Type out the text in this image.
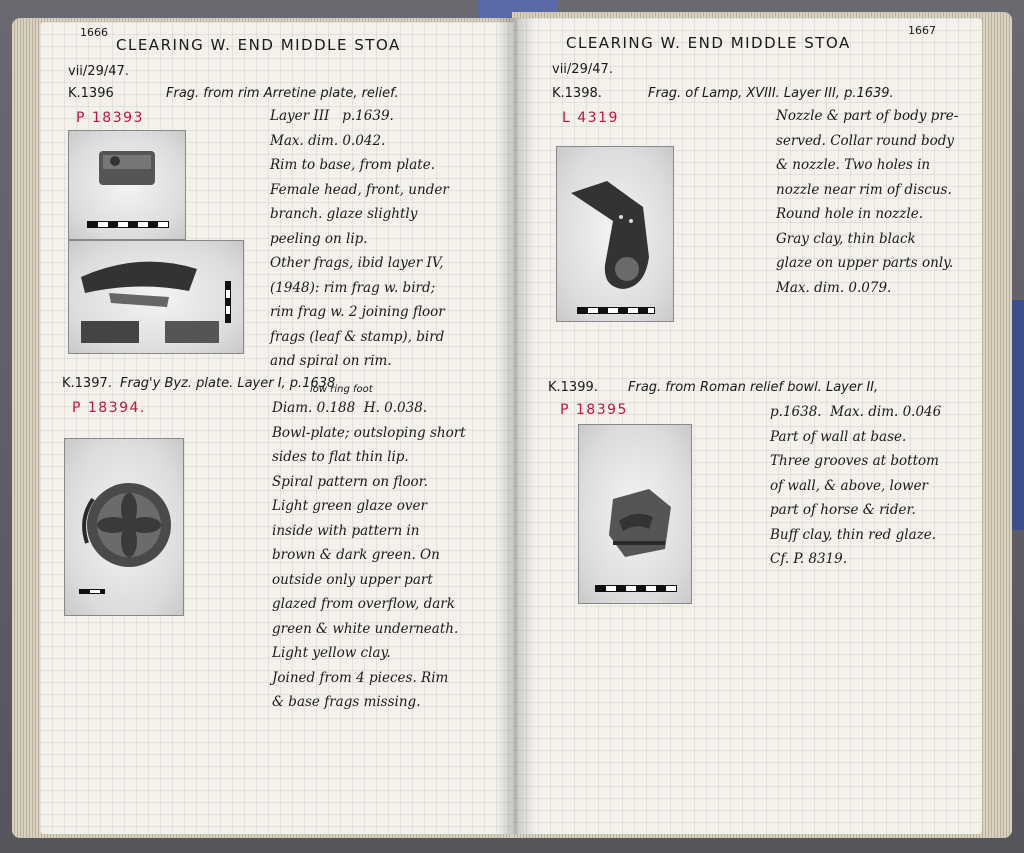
1666
CLEARING W. END MIDDLE STOA
vii/29/47.
K.1396	Frag. from rim Arretine plate, relief.
P 18393	Layer III   p.1639.
Max. dim. 0.042.
Rim to base, from plate.
Female head, front, under
branch. glaze slightly
peeling on lip.
Other frags, ibid layer IV,
(1948): rim frag w. bird;
rim frag w. 2 joining floor
frags (leaf & stamp), bird
and spiral on rim.
K.1397. Frag'y Byz. plate. Layer I, p.1638
P 18394.
low ring foot
Diam. 0.188  H. 0.038.
Bowl-plate; outsloping short
sides to flat thin lip.
Spiral pattern on floor.
Light green glaze over
inside with pattern in
brown & dark green. On
outside only upper part
glazed from overflow, dark
green & white underneath.
Light yellow clay.
Joined from 4 pieces. Rim
& base frags missing.
1667
CLEARING W. END MIDDLE STOA
vii/29/47.
K.1398.	Frag. of Lamp, XVIII. Layer III, p.1639.
L 4319	Nozzle & part of body pre-
served. Collar round body
& nozzle. Two holes in
nozzle near rim of discus.
Round hole in nozzle.
Gray clay, thin black
glaze on upper parts only.
Max. dim. 0.079.
K.1399. Frag. from Roman relief bowl. Layer II,
P 18395	p.1638.  Max. dim. 0.046
Part of wall at base.
Three grooves at bottom
of wall, & above, lower
part of horse & rider.
Buff clay, thin red glaze.
Cf. P. 8319.
